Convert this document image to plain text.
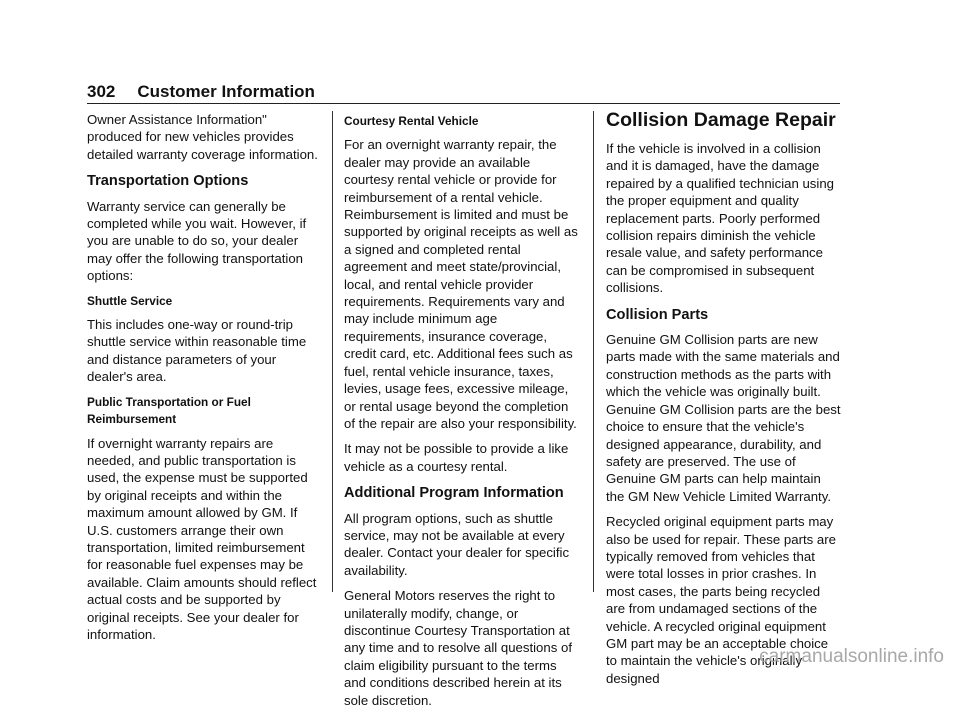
302 Customer Information

Owner Assistance Information" produced for new vehicles provides detailed warranty coverage information.

Transportation Options

Warranty service can generally be completed while you wait. However, if you are unable to do so, your dealer may offer the following transportation options:

Shuttle Service

This includes one-way or round-trip shuttle service within reasonable time and distance parameters of your dealer's area.

Public Transportation or Fuel Reimbursement

If overnight warranty repairs are needed, and public transportation is used, the expense must be supported by original receipts and within the maximum amount allowed by GM. If U.S. customers arrange their own transportation, limited reimbursement for reasonable fuel expenses may be available. Claim amounts should reflect actual costs and be supported by original receipts. See your dealer for information.

Courtesy Rental Vehicle

For an overnight warranty repair, the dealer may provide an available courtesy rental vehicle or provide for reimbursement of a rental vehicle. Reimbursement is limited and must be supported by original receipts as well as a signed and completed rental agreement and meet state/provincial, local, and rental vehicle provider requirements. Requirements vary and may include minimum age requirements, insurance coverage, credit card, etc. Additional fees such as fuel, rental vehicle insurance, taxes, levies, usage fees, excessive mileage, or rental usage beyond the completion of the repair are also your responsibility.

It may not be possible to provide a like vehicle as a courtesy rental.

Additional Program Information

All program options, such as shuttle service, may not be available at every dealer. Contact your dealer for specific availability.

General Motors reserves the right to unilaterally modify, change, or discontinue Courtesy Transportation at any time and to resolve all questions of claim eligibility pursuant to the terms and conditions described herein at its sole discretion.

Collision Damage Repair

If the vehicle is involved in a collision and it is damaged, have the damage repaired by a qualified technician using the proper equipment and quality replacement parts. Poorly performed collision repairs diminish the vehicle resale value, and safety performance can be compromised in subsequent collisions.

Collision Parts

Genuine GM Collision parts are new parts made with the same materials and construction methods as the parts with which the vehicle was originally built. Genuine GM Collision parts are the best choice to ensure that the vehicle's designed appearance, durability, and safety are preserved. The use of Genuine GM parts can help maintain the GM New Vehicle Limited Warranty.

Recycled original equipment parts may also be used for repair. These parts are typically removed from vehicles that were total losses in prior crashes. In most cases, the parts being recycled are from undamaged sections of the vehicle. A recycled original equipment GM part may be an acceptable choice to maintain the vehicle's originally designed

carmanualsonline.info
